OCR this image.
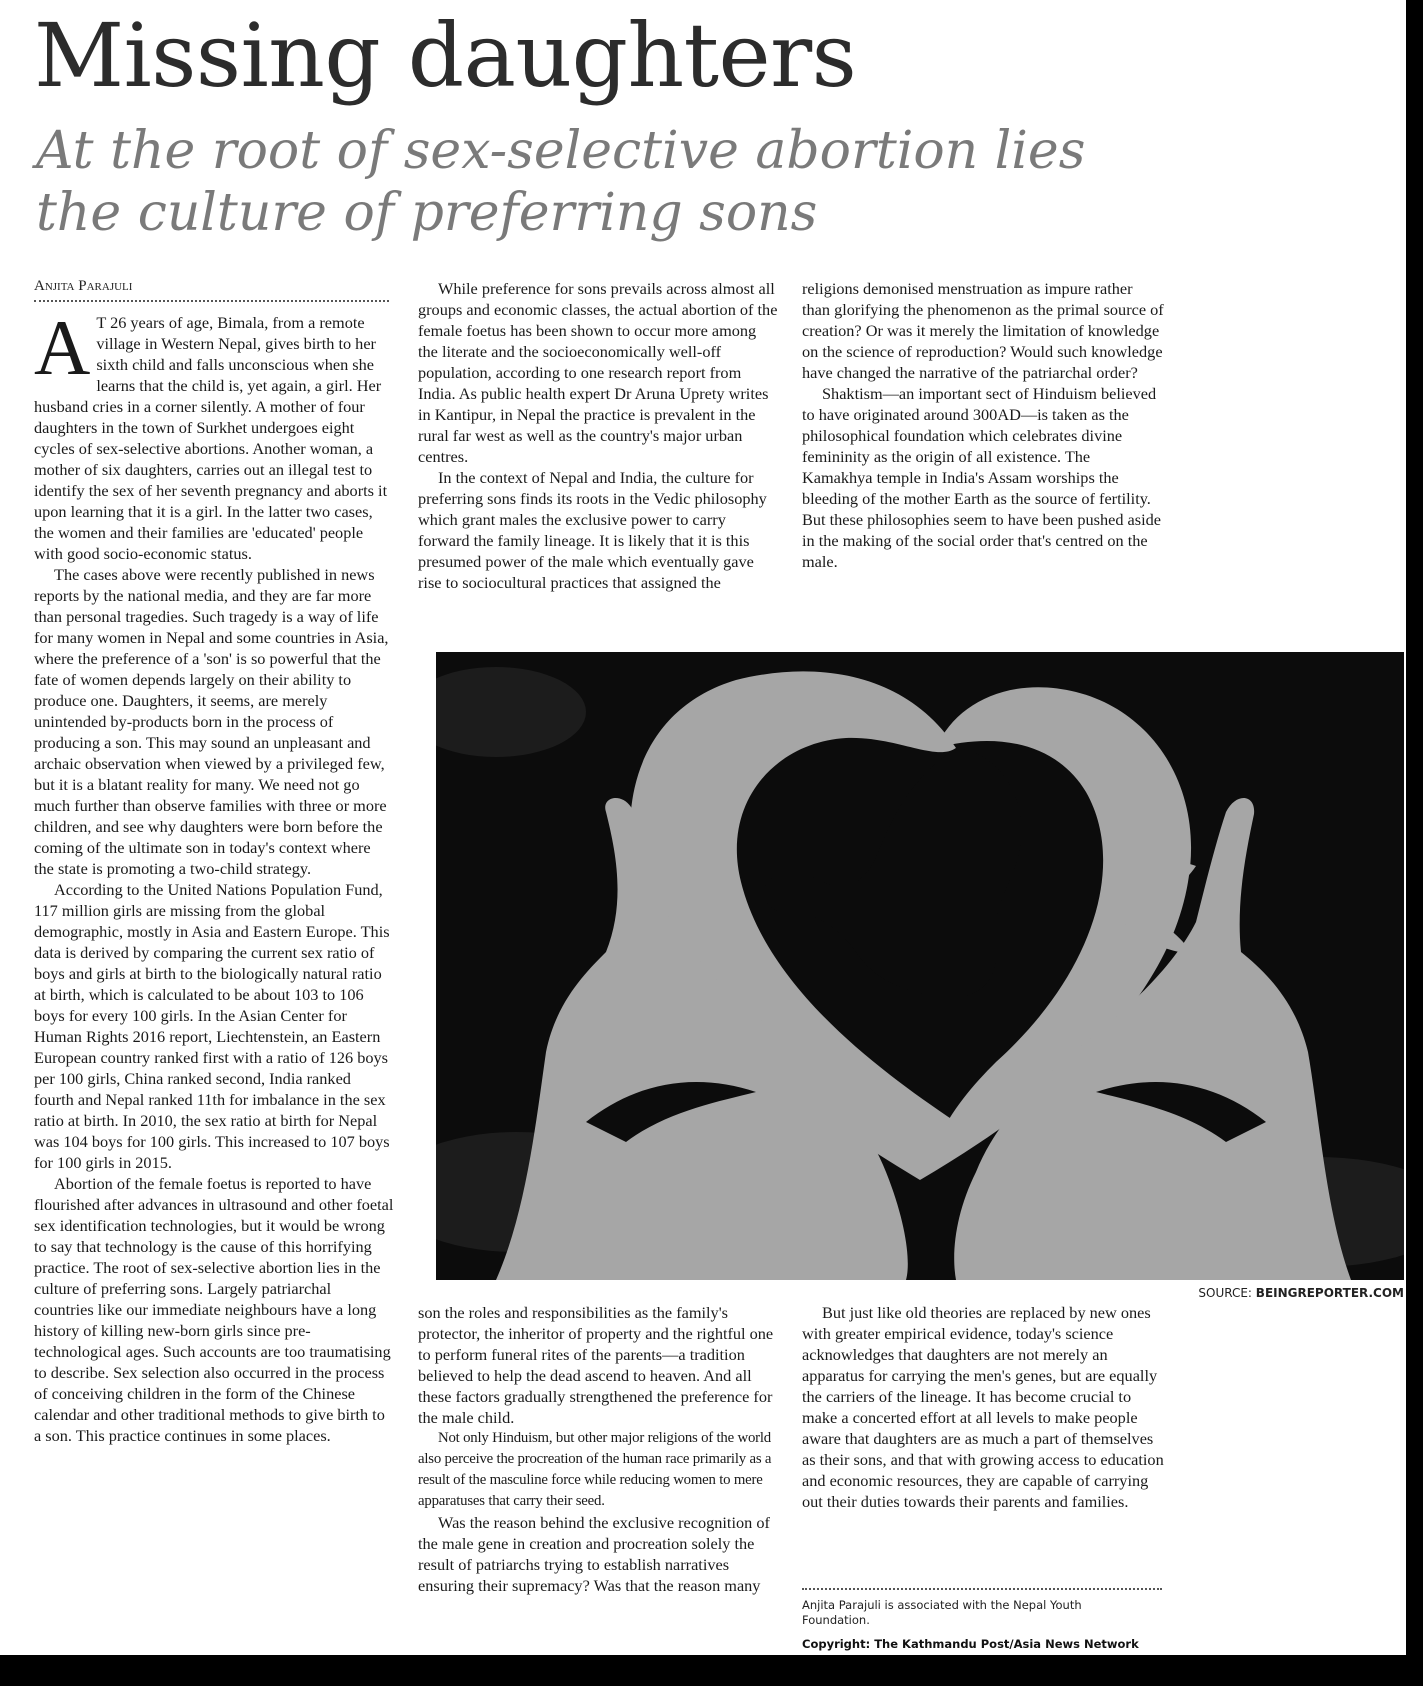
Missing daughters
At the root of sex-selective abortion lies the culture of preferring sons
Anjita Parajuli

A T 26 years of age, Bimala, from a remote village in Western Nepal, gives birth to her sixth child and falls unconscious when she learns that the child is, yet again, a girl. Her husband cries in a corner silently. A mother of four daughters in the town of Surkhet undergoes eight cycles of sex-selective abortions. Another woman, a mother of six daughters, carries out an illegal test to identify the sex of her seventh pregnancy and aborts it upon learning that it is a girl. In the latter two cases, the women and their families are 'educated' people with good socio-economic status.

The cases above were recently published in news reports by the national media, and they are far more than personal tragedies. Such tragedy is a way of life for many women in Nepal and some countries in Asia, where the preference of a 'son' is so powerful that the fate of women depends largely on their ability to produce one. Daughters, it seems, are merely unintended by-products born in the process of producing a son. This may sound an unpleasant and archaic observation when viewed by a privileged few, but it is a blatant reality for many. We need not go much further than observe families with three or more children, and see why daughters were born before the coming of the ultimate son in today's context where the state is promoting a two-child strategy.

According to the United Nations Population Fund, 117 million girls are missing from the global demographic, mostly in Asia and Eastern Europe. This data is derived by comparing the current sex ratio of boys and girls at birth to the biologically natural ratio at birth, which is calculated to be about 103 to 106 boys for every 100 girls. In the Asian Center for Human Rights 2016 report, Liechtenstein, an Eastern European country ranked first with a ratio of 126 boys per 100 girls, China ranked second, India ranked fourth and Nepal ranked 11th for imbalance in the sex ratio at birth. In 2010, the sex ratio at birth for Nepal was 104 boys for 100 girls. This increased to 107 boys for 100 girls in 2015.

Abortion of the female foetus is reported to have flourished after advances in ultrasound and other foetal sex identification technologies, but it would be wrong to say that technology is the cause of this horrifying practice. The root of sex-selective abortion lies in the culture of preferring sons. Largely patriarchal countries like our immediate neighbours have a long history of killing new-born girls since pre-technological ages. Such accounts are too traumatising to describe. Sex selection also occurred in the process of conceiving children in the form of the Chinese calendar and other traditional methods to give birth to a son. This practice continues in some places.

While preference for sons prevails across almost all groups and economic classes, the actual abortion of the female foetus has been shown to occur more among the literate and the socioeconomically well-off population, according to one research report from India. As public health expert Dr Aruna Uprety writes in Kantipur, in Nepal the practice is prevalent in the rural far west as well as the country's major urban centres.

In the context of Nepal and India, the culture for preferring sons finds its roots in the Vedic philosophy which grant males the exclusive power to carry forward the family lineage. It is likely that it is this presumed power of the male which eventually gave rise to sociocultural practices that assigned the

religions demonised menstruation as impure rather than glorifying the phenomenon as the primal source of creation? Or was it merely the limitation of knowledge on the science of reproduction? Would such knowledge have changed the narrative of the patriarchal order?

Shaktism—an important sect of Hinduism believed to have originated around 300AD—is taken as the philosophical foundation which celebrates divine femininity as the origin of all existence. The Kamakhya temple in India's Assam worships the bleeding of the mother Earth as the source of fertility. But these philosophies seem to have been pushed aside in the making of the social order that's centred on the male.

SOURCE: BEINGREPORTER.COM

son the roles and responsibilities as the family's protector, the inheritor of property and the rightful one to perform funeral rites of the parents—a tradition believed to help the dead ascend to heaven. And all these factors gradually strengthened the preference for the male child.

Not only Hinduism, but other major religions of the world also perceive the procreation of the human race primarily as a result of the masculine force while reducing women to mere apparatuses that carry their seed.

Was the reason behind the exclusive recognition of the male gene in creation and procreation solely the result of patriarchs trying to establish narratives ensuring their supremacy? Was that the reason many

But just like old theories are replaced by new ones with greater empirical evidence, today's science acknowledges that daughters are not merely an apparatus for carrying the men's genes, but are equally the carriers of the lineage. It has become crucial to make a concerted effort at all levels to make people aware that daughters are as much a part of themselves as their sons, and that with growing access to education and economic resources, they are capable of carrying out their duties towards their parents and families.

Anjita Parajuli is associated with the Nepal Youth Foundation.
Copyright: The Kathmandu Post/Asia News Network
